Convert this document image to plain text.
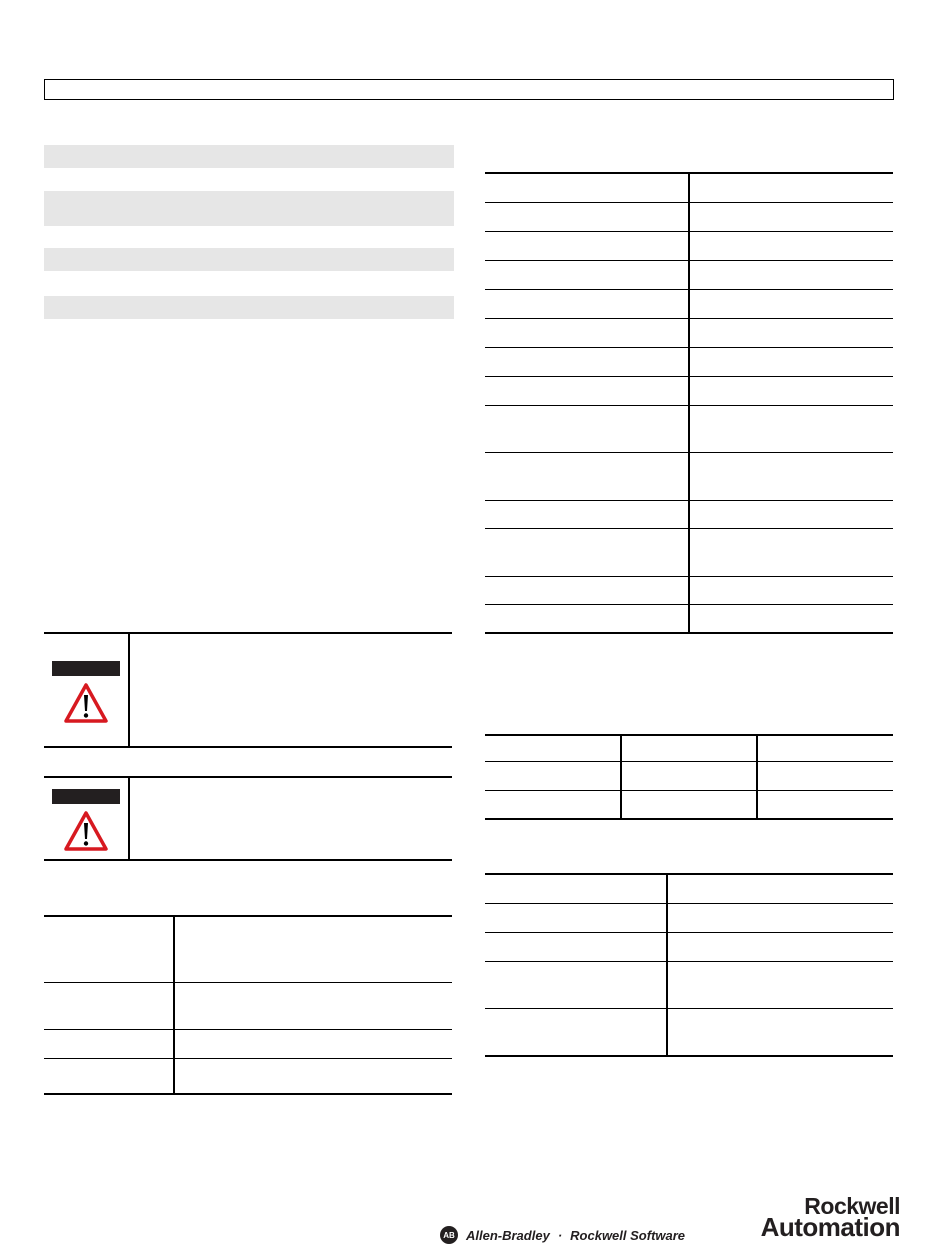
AB Allen-Bradley · Rockwell Software
Rockwell
Automation
